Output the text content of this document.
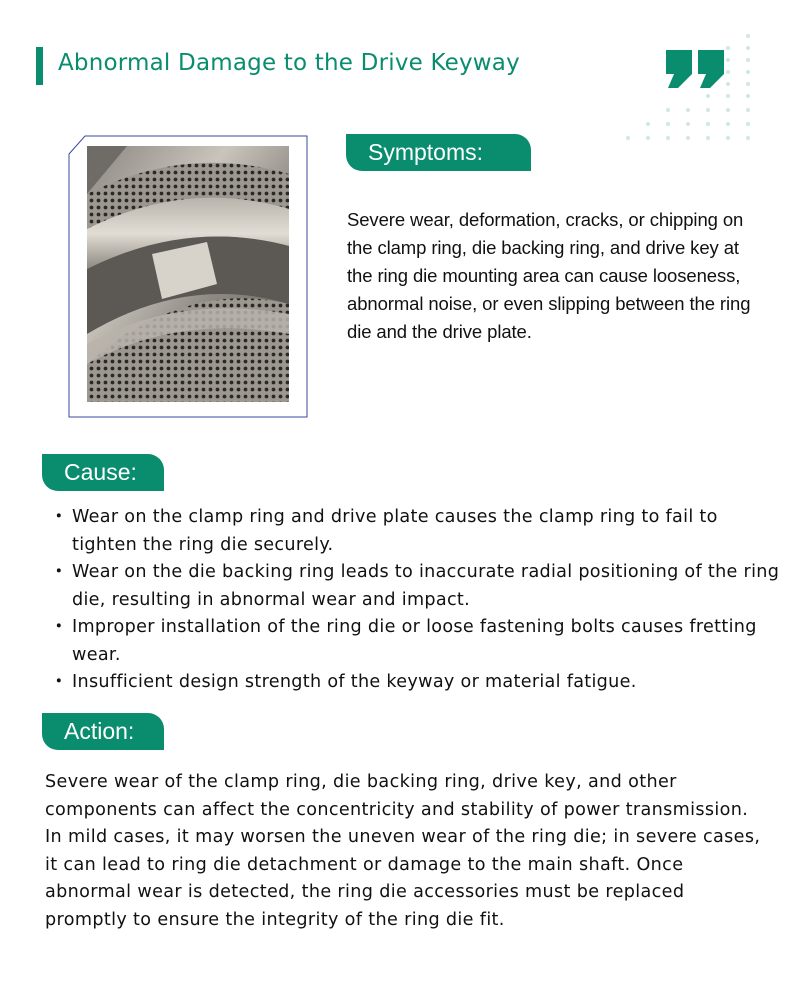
Abnormal Damage to the Drive Keyway
Symptoms:
Severe wear, deformation, cracks, or chipping on the clamp ring, die backing ring, and drive key at the ring die mounting area can cause looseness, abnormal noise, or even slipping between the ring die and the drive plate.
Cause:
・ Wear on the clamp ring and drive plate causes the clamp ring to fail to tighten the ring die securely.
・ Wear on the die backing ring leads to inaccurate radial positioning of the ring die, resulting in abnormal wear and impact.
・ Improper installation of the ring die or loose fastening bolts causes fretting wear.
・ Insufficient design strength of the keyway or material fatigue.
Action:
Severe wear of the clamp ring, die backing ring, drive key, and other components can affect the concentricity and stability of power transmission. In mild cases, it may worsen the uneven wear of the ring die; in severe cases, it can lead to ring die detachment or damage to the main shaft. Once abnormal wear is detected, the ring die accessories must be replaced promptly to ensure the integrity of the ring die fit.
